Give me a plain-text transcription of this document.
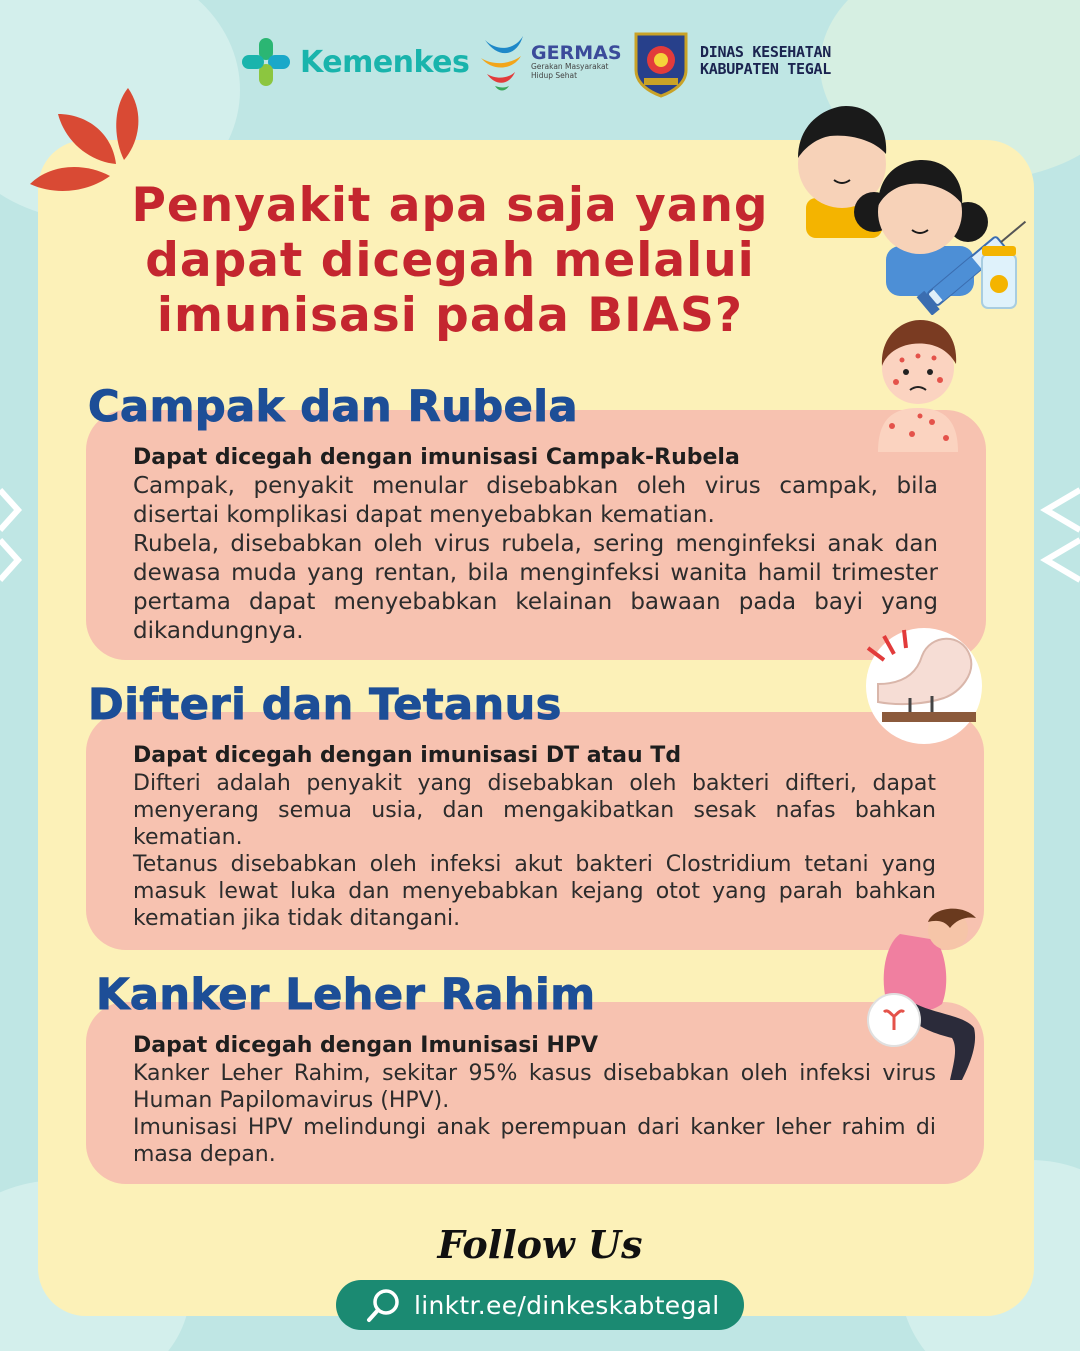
Kemenkes	GERMAS
Gerakan Masyarakat
Hidup Sehat
DINAS KESEHATAN
KABUPATEN TEGAL
Penyakit apa saja yang
dapat dicegah melalui
imunisasi pada BIAS?
Campak dan Rubela
Dapat dicegah dengan imunisasi Campak-Rubela
Campak, penyakit menular disebabkan oleh virus campak, bila disertai komplikasi dapat menyebabkan kematian.
Rubela, disebabkan oleh virus rubela, sering menginfeksi anak dan dewasa muda yang rentan, bila menginfeksi wanita hamil trimester pertama dapat menyebabkan kelainan bawaan pada bayi yang dikandungnya.
Difteri dan Tetanus
Dapat dicegah dengan imunisasi DT atau Td
Difteri adalah penyakit yang disebabkan oleh bakteri difteri, dapat menyerang semua usia, dan mengakibatkan sesak nafas bahkan kematian.
Tetanus disebabkan oleh infeksi akut bakteri Clostridium tetani yang masuk lewat luka dan menyebabkan kejang otot yang parah bahkan kematian jika tidak ditangani.
Kanker Leher Rahim
Dapat dicegah dengan Imunisasi HPV
Kanker Leher Rahim, sekitar 95% kasus disebabkan oleh infeksi virus Human Papilomavirus (HPV).
Imunisasi HPV melindungi anak perempuan dari kanker leher rahim di masa depan.
Follow Us
linktr.ee/dinkeskabtegal
